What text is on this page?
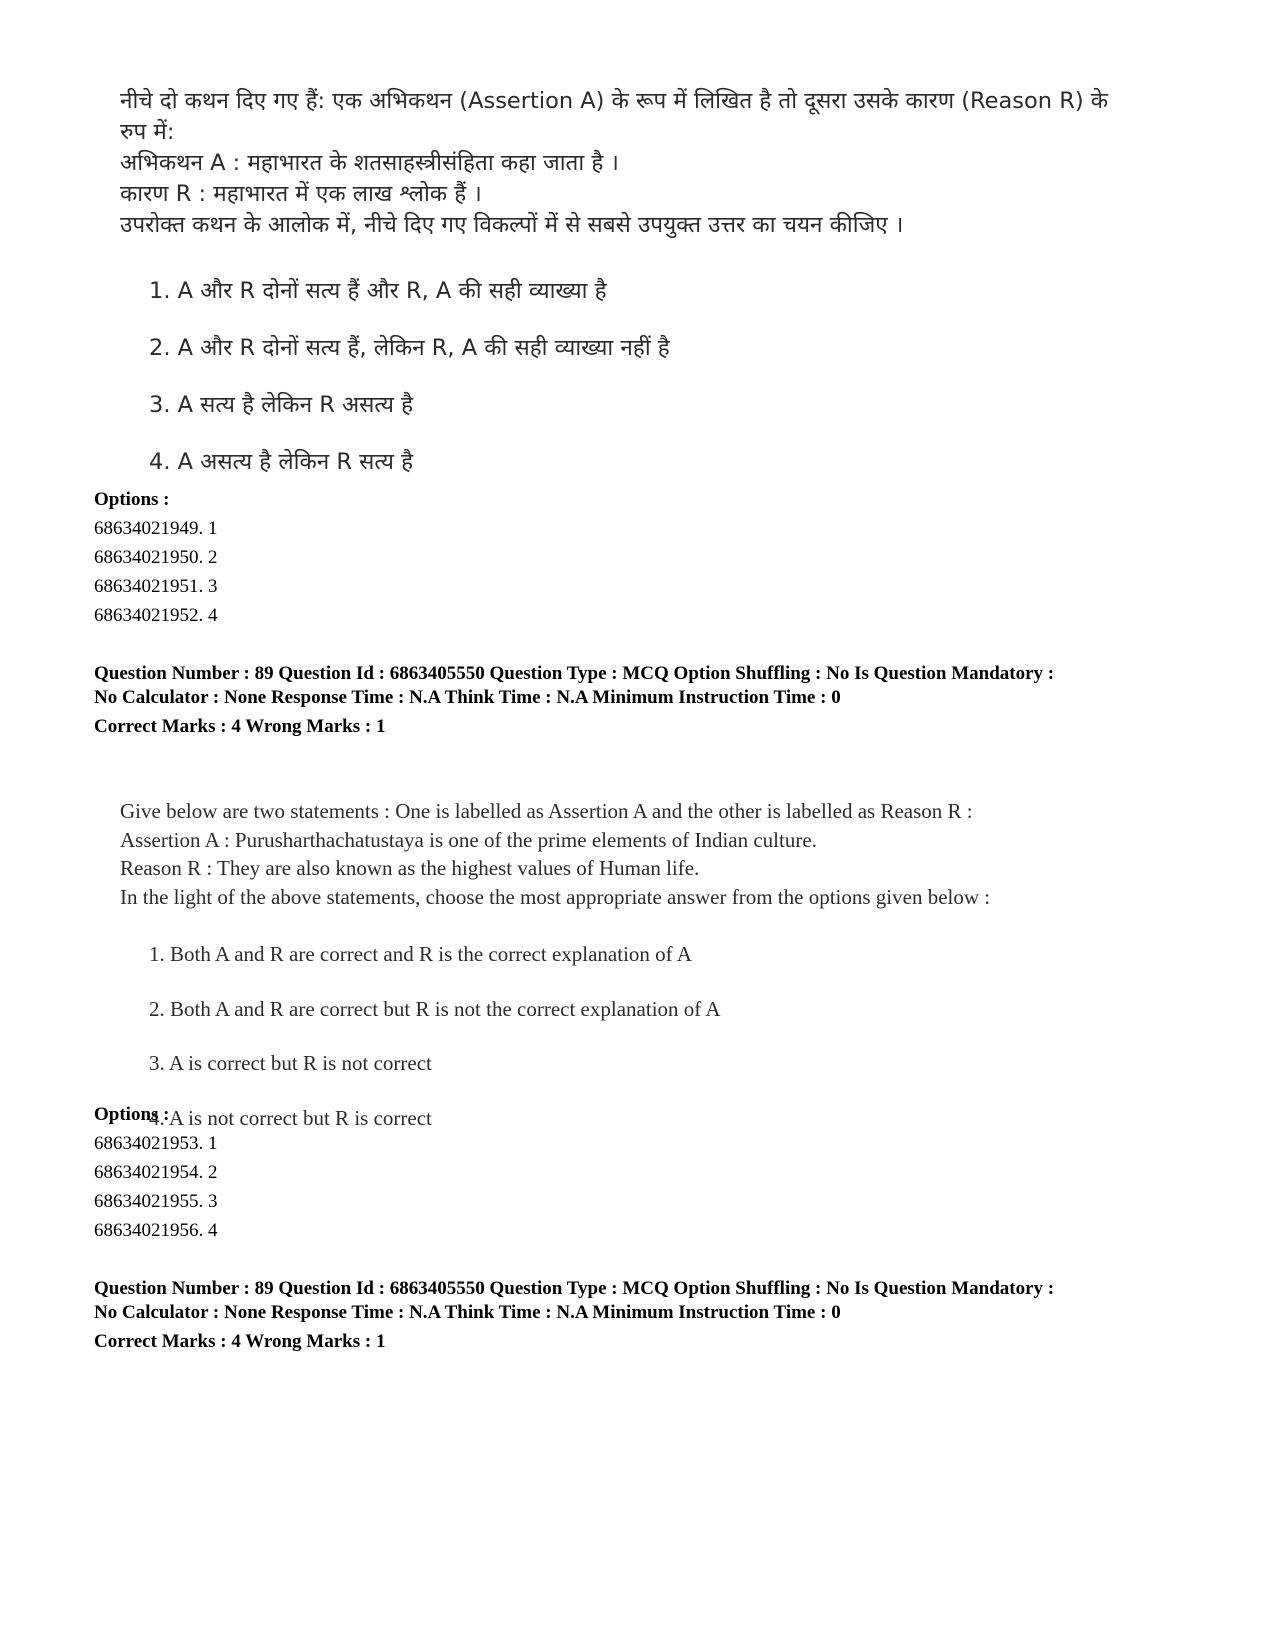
नीचे दो कथन दिए गए हैं: एक अभिकथन (Assertion A) के रूप में लिखित है तो दूसरा उसके कारण (Reason R) के
रुप में:
अभिकथन A : महाभारत के शतसाहस्त्रीसंहिता कहा जाता है ।
कारण R : महाभारत में एक लाख श्लोक हैं ।
उपरोक्त कथन के आलोक में, नीचे दिए गए विकल्पों में से सबसे उपयुक्त उत्तर का चयन कीजिए ।
1. A और R दोनों सत्य हैं और R, A की सही व्याख्या है
2. A और R दोनों सत्य हैं, लेकिन R, A की सही व्याख्या नहीं है
3. A सत्य है लेकिन R असत्य है
4. A असत्य है लेकिन R सत्य है
Options :
68634021949. 1
68634021950. 2
68634021951. 3
68634021952. 4
Question Number : 89 Question Id : 6863405550 Question Type : MCQ Option Shuffling : No Is Question Mandatory :
No Calculator : None Response Time : N.A Think Time : N.A Minimum Instruction Time : 0
Correct Marks : 4 Wrong Marks : 1
Give below are two statements : One is labelled as Assertion A and the other is labelled as Reason R :
Assertion A : Purusharthachatustaya is one of the prime elements of Indian culture.
Reason R : They are also known as the highest values of Human life.
In the light of the above statements, choose the most appropriate answer from the options given below :
1. Both A and R are correct and R is the correct explanation of A
2. Both A and R are correct but R is not the correct explanation of A
3. A is correct but R is not correct
4. A is not correct but R is correct
Options :
68634021953. 1
68634021954. 2
68634021955. 3
68634021956. 4
Question Number : 89 Question Id : 6863405550 Question Type : MCQ Option Shuffling : No Is Question Mandatory :
No Calculator : None Response Time : N.A Think Time : N.A Minimum Instruction Time : 0
Correct Marks : 4 Wrong Marks : 1
